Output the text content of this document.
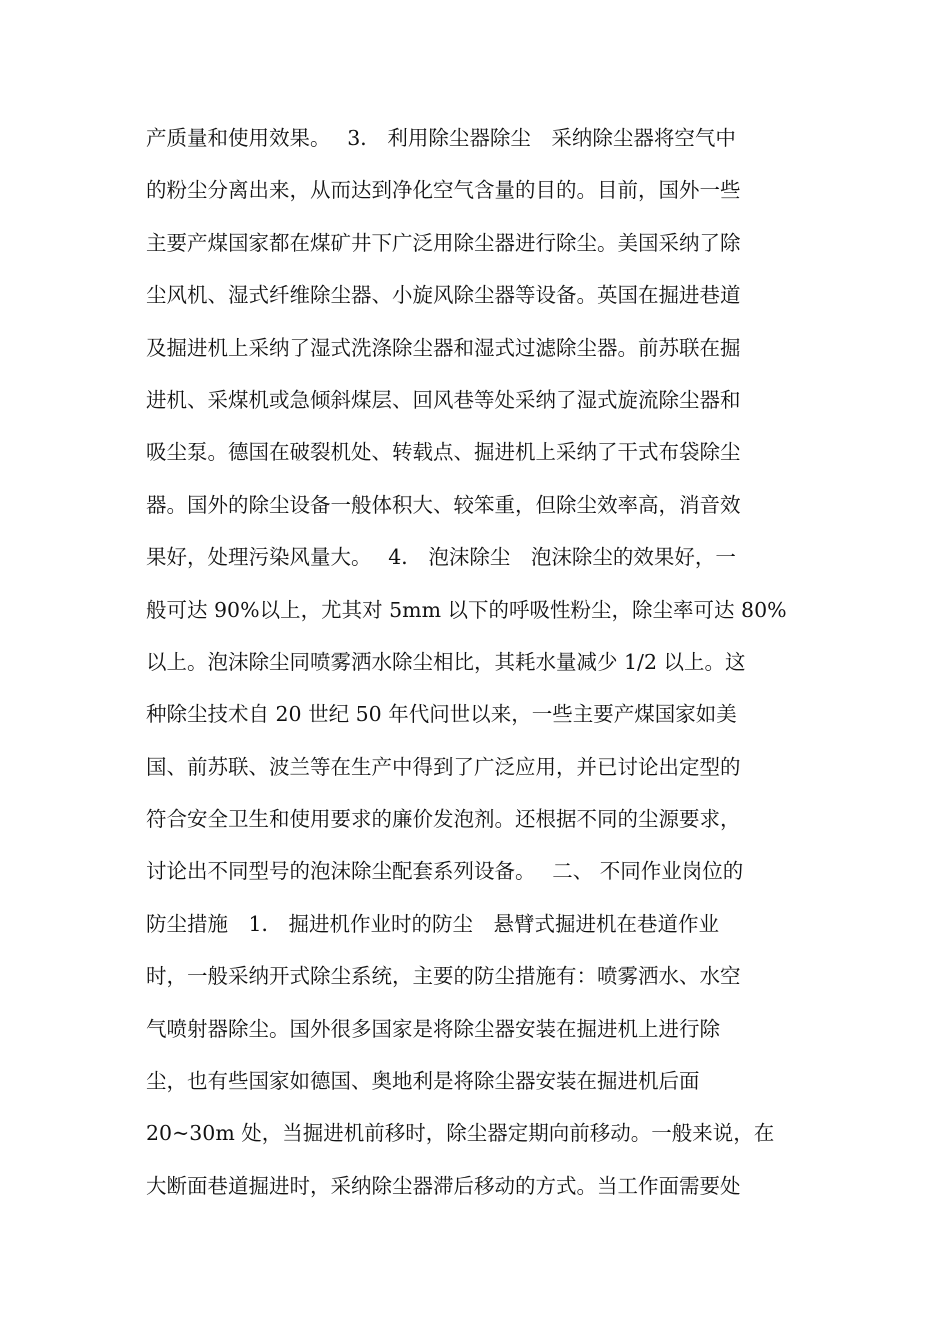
产质量和使用效果。　 3． 利用除尘器除尘　采纳除尘器将空气中
的粉尘分离出来，从而达到净化空气含量的目的。目前，国外一些
主要产煤国家都在煤矿井下广泛用除尘器进行除尘。美国采纳了除
尘风机、湿式纤维除尘器、小旋风除尘器等设备。英国在掘进巷道
及掘进机上采纳了湿式洗涤除尘器和湿式过滤除尘器。前苏联在掘
进机、采煤机或急倾斜煤层、回风巷等处采纳了湿式旋流除尘器和
吸尘泵。德国在破裂机处、转载点、掘进机上采纳了干式布袋除尘
器。国外的除尘设备一般体积大、较笨重，但除尘效率高，消音效
果好，处理污染风量大。　 4． 泡沫除尘　泡沫除尘的效果好，一
般可达 90%以上，尤其对 5mm 以下的呼吸性粉尘，除尘率可达 80%
以上。泡沫除尘同喷雾洒水除尘相比，其耗水量减少 1/2 以上。这
种除尘技术自 20 世纪 50 年代问世以来，一些主要产煤国家如美
国、前苏联、波兰等在生产中得到了广泛应用，并已讨论出定型的
符合安全卫生和使用要求的廉价发泡剂。还根据不同的尘源要求，
讨论出不同型号的泡沫除尘配套系列设备。　 二、 不同作业岗位的
防尘措施　1． 掘进机作业时的防尘　悬臂式掘进机在巷道作业
时，一般采纳开式除尘系统，主要的防尘措施有：喷雾洒水、水空
气喷射器除尘。国外很多国家是将除尘器安装在掘进机上进行除
尘，也有些国家如德国、奥地利是将除尘器安装在掘进机后面
20~30m 处，当掘进机前移时，除尘器定期向前移动。一般来说，在
大断面巷道掘进时，采纳除尘器滞后移动的方式。当工作面需要处
